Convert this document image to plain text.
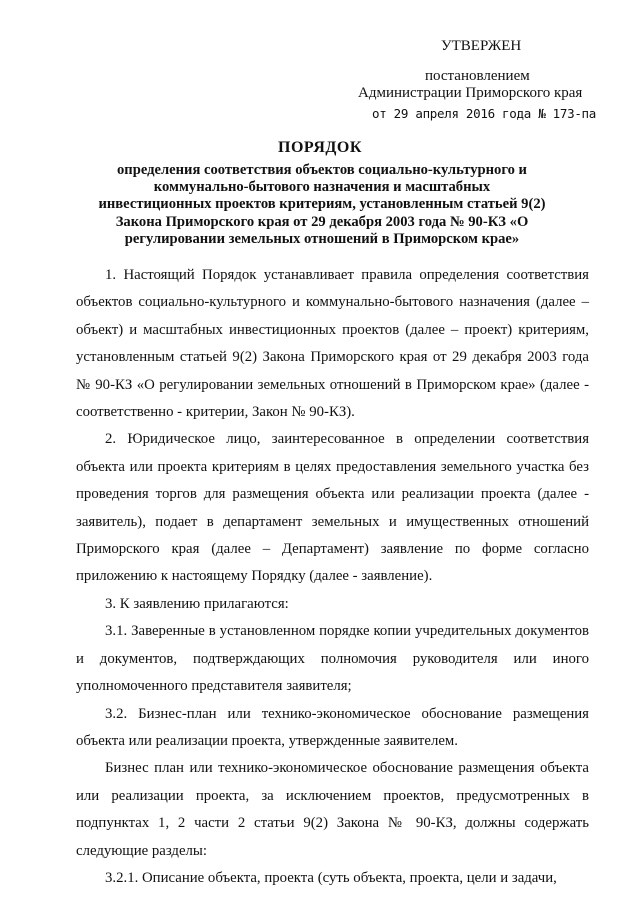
УТВЕРЖЕН
постановлением
Администрации Приморского края
от 29 апреля 2016 года № 173-па
ПОРЯДОК
определения соответствия объектов социально-культурного и коммунально-бытового назначения и масштабных инвестиционных проектов критериям, установленным статьей 9(2) Закона Приморского края от 29 декабря 2003 года № 90-КЗ «О регулировании земельных отношений в Приморском крае»

1. Настоящий Порядок устанавливает правила определения соответствия объектов социально-культурного и коммунально-бытового назначения (далее – объект) и масштабных инвестиционных проектов (далее – проект) критериям, установленным статьей 9(2) Закона Приморского края от 29 декабря 2003 года № 90-КЗ «О регулировании земельных отношений в Приморском крае» (далее - соответственно - критерии, Закон № 90-КЗ).

2. Юридическое лицо, заинтересованное в определении соответствия объекта или проекта критериям в целях предоставления земельного участка без проведения торгов для размещения объекта или реализации проекта (далее - заявитель), подает в департамент земельных и имущественных отношений Приморского края (далее – Департамент) заявление по форме согласно приложению к настоящему Порядку (далее - заявление).

3. К заявлению прилагаются:

3.1. Заверенные в установленном порядке копии учредительных документов и документов, подтверждающих полномочия руководителя или иного уполномоченного представителя заявителя;

3.2. Бизнес-план или технико-экономическое обоснование размещения объекта или реализации проекта, утвержденные заявителем.

Бизнес план или технико-экономическое обоснование размещения объекта или реализации проекта, за исключением проектов, предусмотренных в подпунктах 1, 2 части 2 статьи 9(2) Закона № 90-КЗ, должны содержать следующие разделы:

3.2.1. Описание объекта, проекта (суть объекта, проекта, цели и задачи,
